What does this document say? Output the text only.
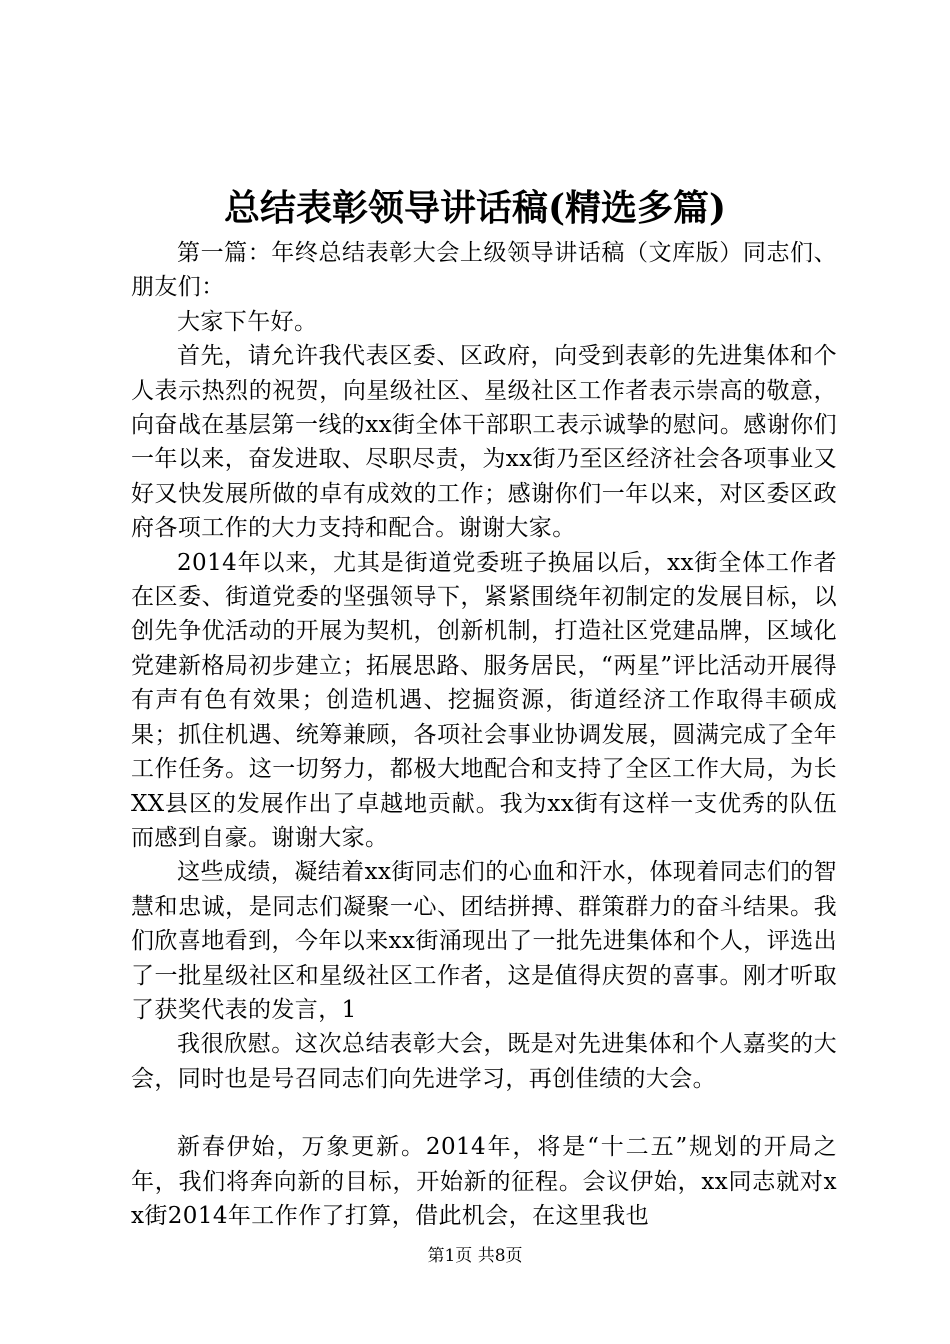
总结表彰领导讲话稿(精选多篇)

第一篇：年终总结表彰大会上级领导讲话稿（文库版）同志们、朋友们：

大家下午好。

首先，请允许我代表区委、区政府，向受到表彰的先进集体和个人表示热烈的祝贺，向星级社区、星级社区工作者表示崇高的敬意，向奋战在基层第一线的xx街全体干部职工表示诚挚的慰问。感谢你们一年以来，奋发进取、尽职尽责，为xx街乃至区经济社会各项事业又好又快发展所做的卓有成效的工作；感谢你们一年以来，对区委区政府各项工作的大力支持和配合。谢谢大家。

2014年以来，尤其是街道党委班子换届以后，xx街全体工作者在区委、街道党委的坚强领导下，紧紧围绕年初制定的发展目标，以创先争优活动的开展为契机，创新机制，打造社区党建品牌，区域化党建新格局初步建立；拓展思路、服务居民，“两星”评比活动开展得有声有色有效果；创造机遇、挖掘资源，街道经济工作取得丰硕成果；抓住机遇、统筹兼顾，各项社会事业协调发展，圆满完成了全年工作任务。这一切努力，都极大地配合和支持了全区工作大局，为长XX县区的发展作出了卓越地贡献。我为xx街有这样一支优秀的队伍而感到自豪。谢谢大家。

这些成绩，凝结着xx街同志们的心血和汗水，体现着同志们的智慧和忠诚，是同志们凝聚一心、团结拼搏、群策群力的奋斗结果。我们欣喜地看到，今年以来xx街涌现出了一批先进集体和个人，评选出了一批星级社区和星级社区工作者，这是值得庆贺的喜事。刚才听取了获奖代表的发言，1

我很欣慰。这次总结表彰大会，既是对先进集体和个人嘉奖的大会，同时也是号召同志们向先进学习，再创佳绩的大会。

新春伊始，万象更新。2014年，将是“十二五”规划的开局之年，我们将奔向新的目标，开始新的征程。会议伊始，xx同志就对xx街2014年工作作了打算，借此机会，在这里我也

第1页 共8页
